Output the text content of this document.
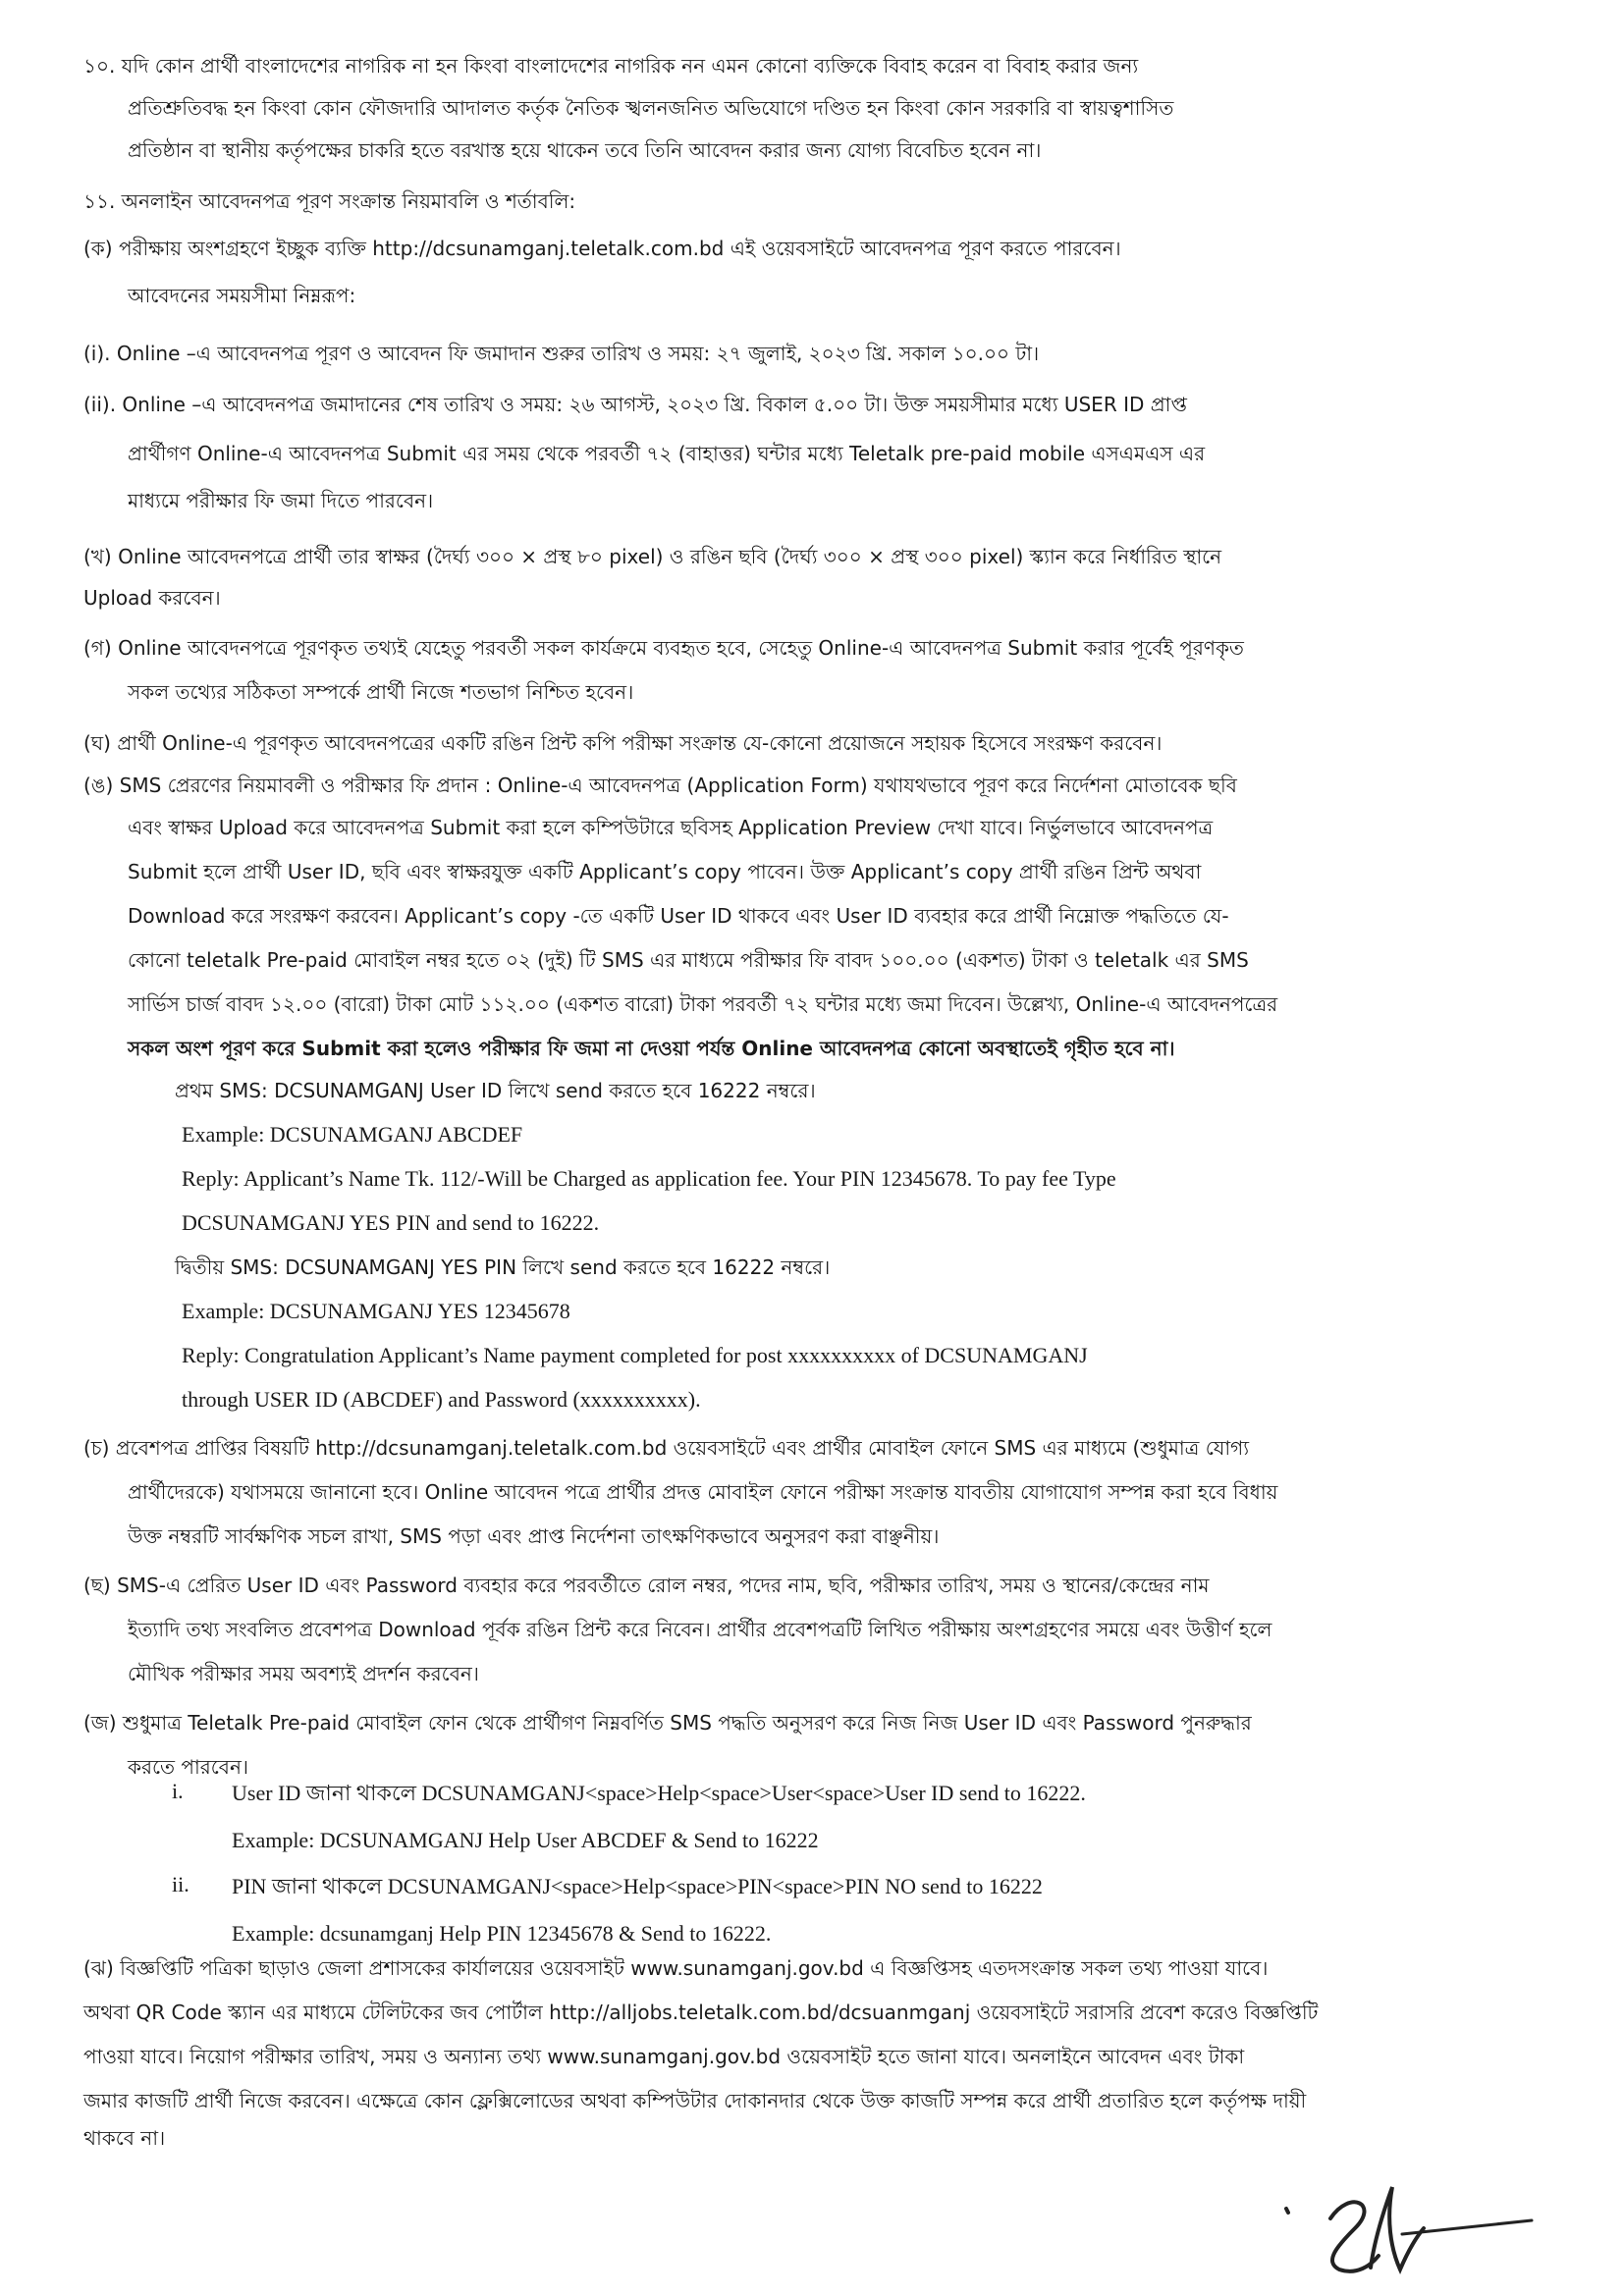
১০. যদি কোন প্রার্থী বাংলাদেশের নাগরিক না হন কিংবা বাংলাদেশের নাগরিক নন এমন কোনো ব্যক্তিকে বিবাহ করেন বা বিবাহ করার জন্য
প্রতিশ্রুতিবদ্ধ হন কিংবা কোন ফৌজদারি আদালত কর্তৃক নৈতিক স্খলনজনিত অভিযোগে দণ্ডিত হন কিংবা কোন সরকারি বা স্বায়ত্বশাসিত
প্রতিষ্ঠান বা স্থানীয় কর্তৃপক্ষের চাকরি হতে বরখাস্ত হয়ে থাকেন তবে তিনি আবেদন করার জন্য যোগ্য বিবেচিত হবেন না।
১১. অনলাইন আবেদনপত্র পূরণ সংক্রান্ত নিয়মাবলি ও শর্তাবলি:
(ক) পরীক্ষায় অংশগ্রহণে ইচ্ছুক ব্যক্তি http://dcsunamganj.teletalk.com.bd এই ওয়েবসাইটে আবেদনপত্র পূরণ করতে পারবেন।
আবেদনের সময়সীমা নিম্নরূপ:
(i). Online –এ আবেদনপত্র পূরণ ও আবেদন ফি জমাদান শুরুর তারিখ ও সময়: ২৭ জুলাই, ২০২৩ খ্রি. সকাল ১০.০০ টা।
(ii). Online –এ আবেদনপত্র জমাদানের শেষ তারিখ ও সময়: ২৬ আগস্ট, ২০২৩ খ্রি. বিকাল ৫.০০ টা। উক্ত সময়সীমার মধ্যে USER ID প্রাপ্ত
প্রার্থীগণ Online-এ আবেদনপত্র Submit এর সময় থেকে পরবর্তী ৭২ (বাহাত্তর) ঘন্টার মধ্যে Teletalk pre-paid mobile এসএমএস এর
মাধ্যমে পরীক্ষার ফি জমা দিতে পারবেন।
(খ) Online আবেদনপত্রে প্রার্থী তার স্বাক্ষর (দৈর্ঘ্য ৩০০ × প্রস্থ ৮০ pixel) ও রঙিন ছবি (দৈর্ঘ্য ৩০০ × প্রস্থ ৩০০ pixel) স্ক্যান করে নির্ধারিত স্থানে
Upload করবেন।
(গ) Online আবেদনপত্রে পূরণকৃত তথ্যই যেহেতু পরবর্তী সকল কার্যক্রমে ব্যবহৃত হবে, সেহেতু Online-এ আবেদনপত্র Submit করার পূর্বেই পূরণকৃত
সকল তথ্যের সঠিকতা সম্পর্কে প্রার্থী নিজে শতভাগ নিশ্চিত হবেন।
(ঘ) প্রার্থী Online-এ পূরণকৃত আবেদনপত্রের একটি রঙিন প্রিন্ট কপি পরীক্ষা সংক্রান্ত যে-কোনো প্রয়োজনে সহায়ক হিসেবে সংরক্ষণ করবেন।
(ঙ) SMS প্রেরণের নিয়মাবলী ও পরীক্ষার ফি প্রদান : Online-এ আবেদনপত্র (Application Form) যথাযথভাবে পূরণ করে নির্দেশনা মোতাবেক ছবি
এবং স্বাক্ষর Upload করে আবেদনপত্র Submit করা হলে কম্পিউটারে ছবিসহ Application Preview দেখা যাবে। নির্ভুলভাবে আবেদনপত্র
Submit হলে প্রার্থী User ID, ছবি এবং স্বাক্ষরযুক্ত একটি Applicant’s copy পাবেন। উক্ত Applicant’s copy প্রার্থী রঙিন প্রিন্ট অথবা
Download করে সংরক্ষণ করবেন। Applicant’s copy -তে একটি User ID থাকবে এবং User ID ব্যবহার করে প্রার্থী নিম্নোক্ত পদ্ধতিতে যে-
কোনো teletalk Pre-paid মোবাইল নম্বর হতে ০২ (দুই) টি SMS এর মাধ্যমে পরীক্ষার ফি বাবদ ১০০.০০ (একশত) টাকা ও teletalk এর SMS
সার্ভিস চার্জ বাবদ ১২.০০ (বারো) টাকা মোট ১১২.০০ (একশত বারো) টাকা পরবর্তী ৭২ ঘন্টার মধ্যে জমা দিবেন। উল্লেখ্য, Online-এ আবেদনপত্রের
সকল অংশ পূরণ করে Submit করা হলেও পরীক্ষার ফি জমা না দেওয়া পর্যন্ত Online আবেদনপত্র কোনো অবস্থাতেই গৃহীত হবে না।
প্রথম SMS: DCSUNAMGANJ User ID লিখে send করতে হবে 16222 নম্বরে।
Example: DCSUNAMGANJ ABCDEF
Reply: Applicant’s Name Tk. 112/-Will be Charged as application fee. Your PIN 12345678. To pay fee Type
DCSUNAMGANJ YES PIN and send to 16222.
দ্বিতীয় SMS: DCSUNAMGANJ YES PIN লিখে send করতে হবে 16222 নম্বরে।
Example: DCSUNAMGANJ YES 12345678
Reply: Congratulation Applicant’s Name payment completed for post xxxxxxxxxx of DCSUNAMGANJ
through USER ID (ABCDEF) and Password (xxxxxxxxxx).
(চ) প্রবেশপত্র প্রাপ্তির বিষয়টি http://dcsunamganj.teletalk.com.bd ওয়েবসাইটে এবং প্রার্থীর মোবাইল ফোনে SMS এর মাধ্যমে (শুধুমাত্র যোগ্য
প্রার্থীদেরকে) যথাসময়ে জানানো হবে। Online আবেদন পত্রে প্রার্থীর প্রদত্ত মোবাইল ফোনে পরীক্ষা সংক্রান্ত যাবতীয় যোগাযোগ সম্পন্ন করা হবে বিধায়
উক্ত নম্বরটি সার্বক্ষণিক সচল রাখা, SMS পড়া এবং প্রাপ্ত নির্দেশনা তাৎক্ষণিকভাবে অনুসরণ করা বাঞ্ছনীয়।
(ছ) SMS-এ প্রেরিত User ID এবং Password ব্যবহার করে পরবর্তীতে রোল নম্বর, পদের নাম, ছবি, পরীক্ষার তারিখ, সময় ও স্থানের/কেন্দ্রের নাম
ইত্যাদি তথ্য সংবলিত প্রবেশপত্র Download পূর্বক রঙিন প্রিন্ট করে নিবেন। প্রার্থীর প্রবেশপত্রটি লিখিত পরীক্ষায় অংশগ্রহণের সময়ে এবং উত্তীর্ণ হলে
মৌখিক পরীক্ষার সময় অবশ্যই প্রদর্শন করবেন।
(জ) শুধুমাত্র Teletalk Pre-paid মোবাইল ফোন থেকে প্রার্থীগণ নিম্নবর্ণিত SMS পদ্ধতি অনুসরণ করে নিজ নিজ User ID এবং Password পুনরুদ্ধার
করতে পারবেন।
i. User ID জানা থাকলে DCSUNAMGANJ<space>Help<space>User<space>User ID send to 16222.
Example: DCSUNAMGANJ Help User ABCDEF & Send to 16222
ii. PIN জানা থাকলে DCSUNAMGANJ<space>Help<space>PIN<space>PIN NO send to 16222
Example: dcsunamganj Help PIN 12345678 & Send to 16222.
(ঝ) বিজ্ঞপ্তিটি পত্রিকা ছাড়াও জেলা প্রশাসকের কার্যালয়ের ওয়েবসাইট www.sunamganj.gov.bd এ বিজ্ঞপ্তিসহ এতদসংক্রান্ত সকল তথ্য পাওয়া যাবে।
অথবা QR Code স্ক্যান এর মাধ্যমে টেলিটকের জব পোর্টাল http://alljobs.teletalk.com.bd/dcsuanmganj ওয়েবসাইটে সরাসরি প্রবেশ করেও বিজ্ঞপ্তিটি
পাওয়া যাবে। নিয়োগ পরীক্ষার তারিখ, সময় ও অন্যান্য তথ্য www.sunamganj.gov.bd ওয়েবসাইট হতে জানা যাবে। অনলাইনে আবেদন এবং টাকা
জমার কাজটি প্রার্থী নিজে করবেন। এক্ষেত্রে কোন ফ্লেক্সিলোডের অথবা কম্পিউটার দোকানদার থেকে উক্ত কাজটি সম্পন্ন করে প্রার্থী প্রতারিত হলে কর্তৃপক্ষ দায়ী
থাকবে না।
